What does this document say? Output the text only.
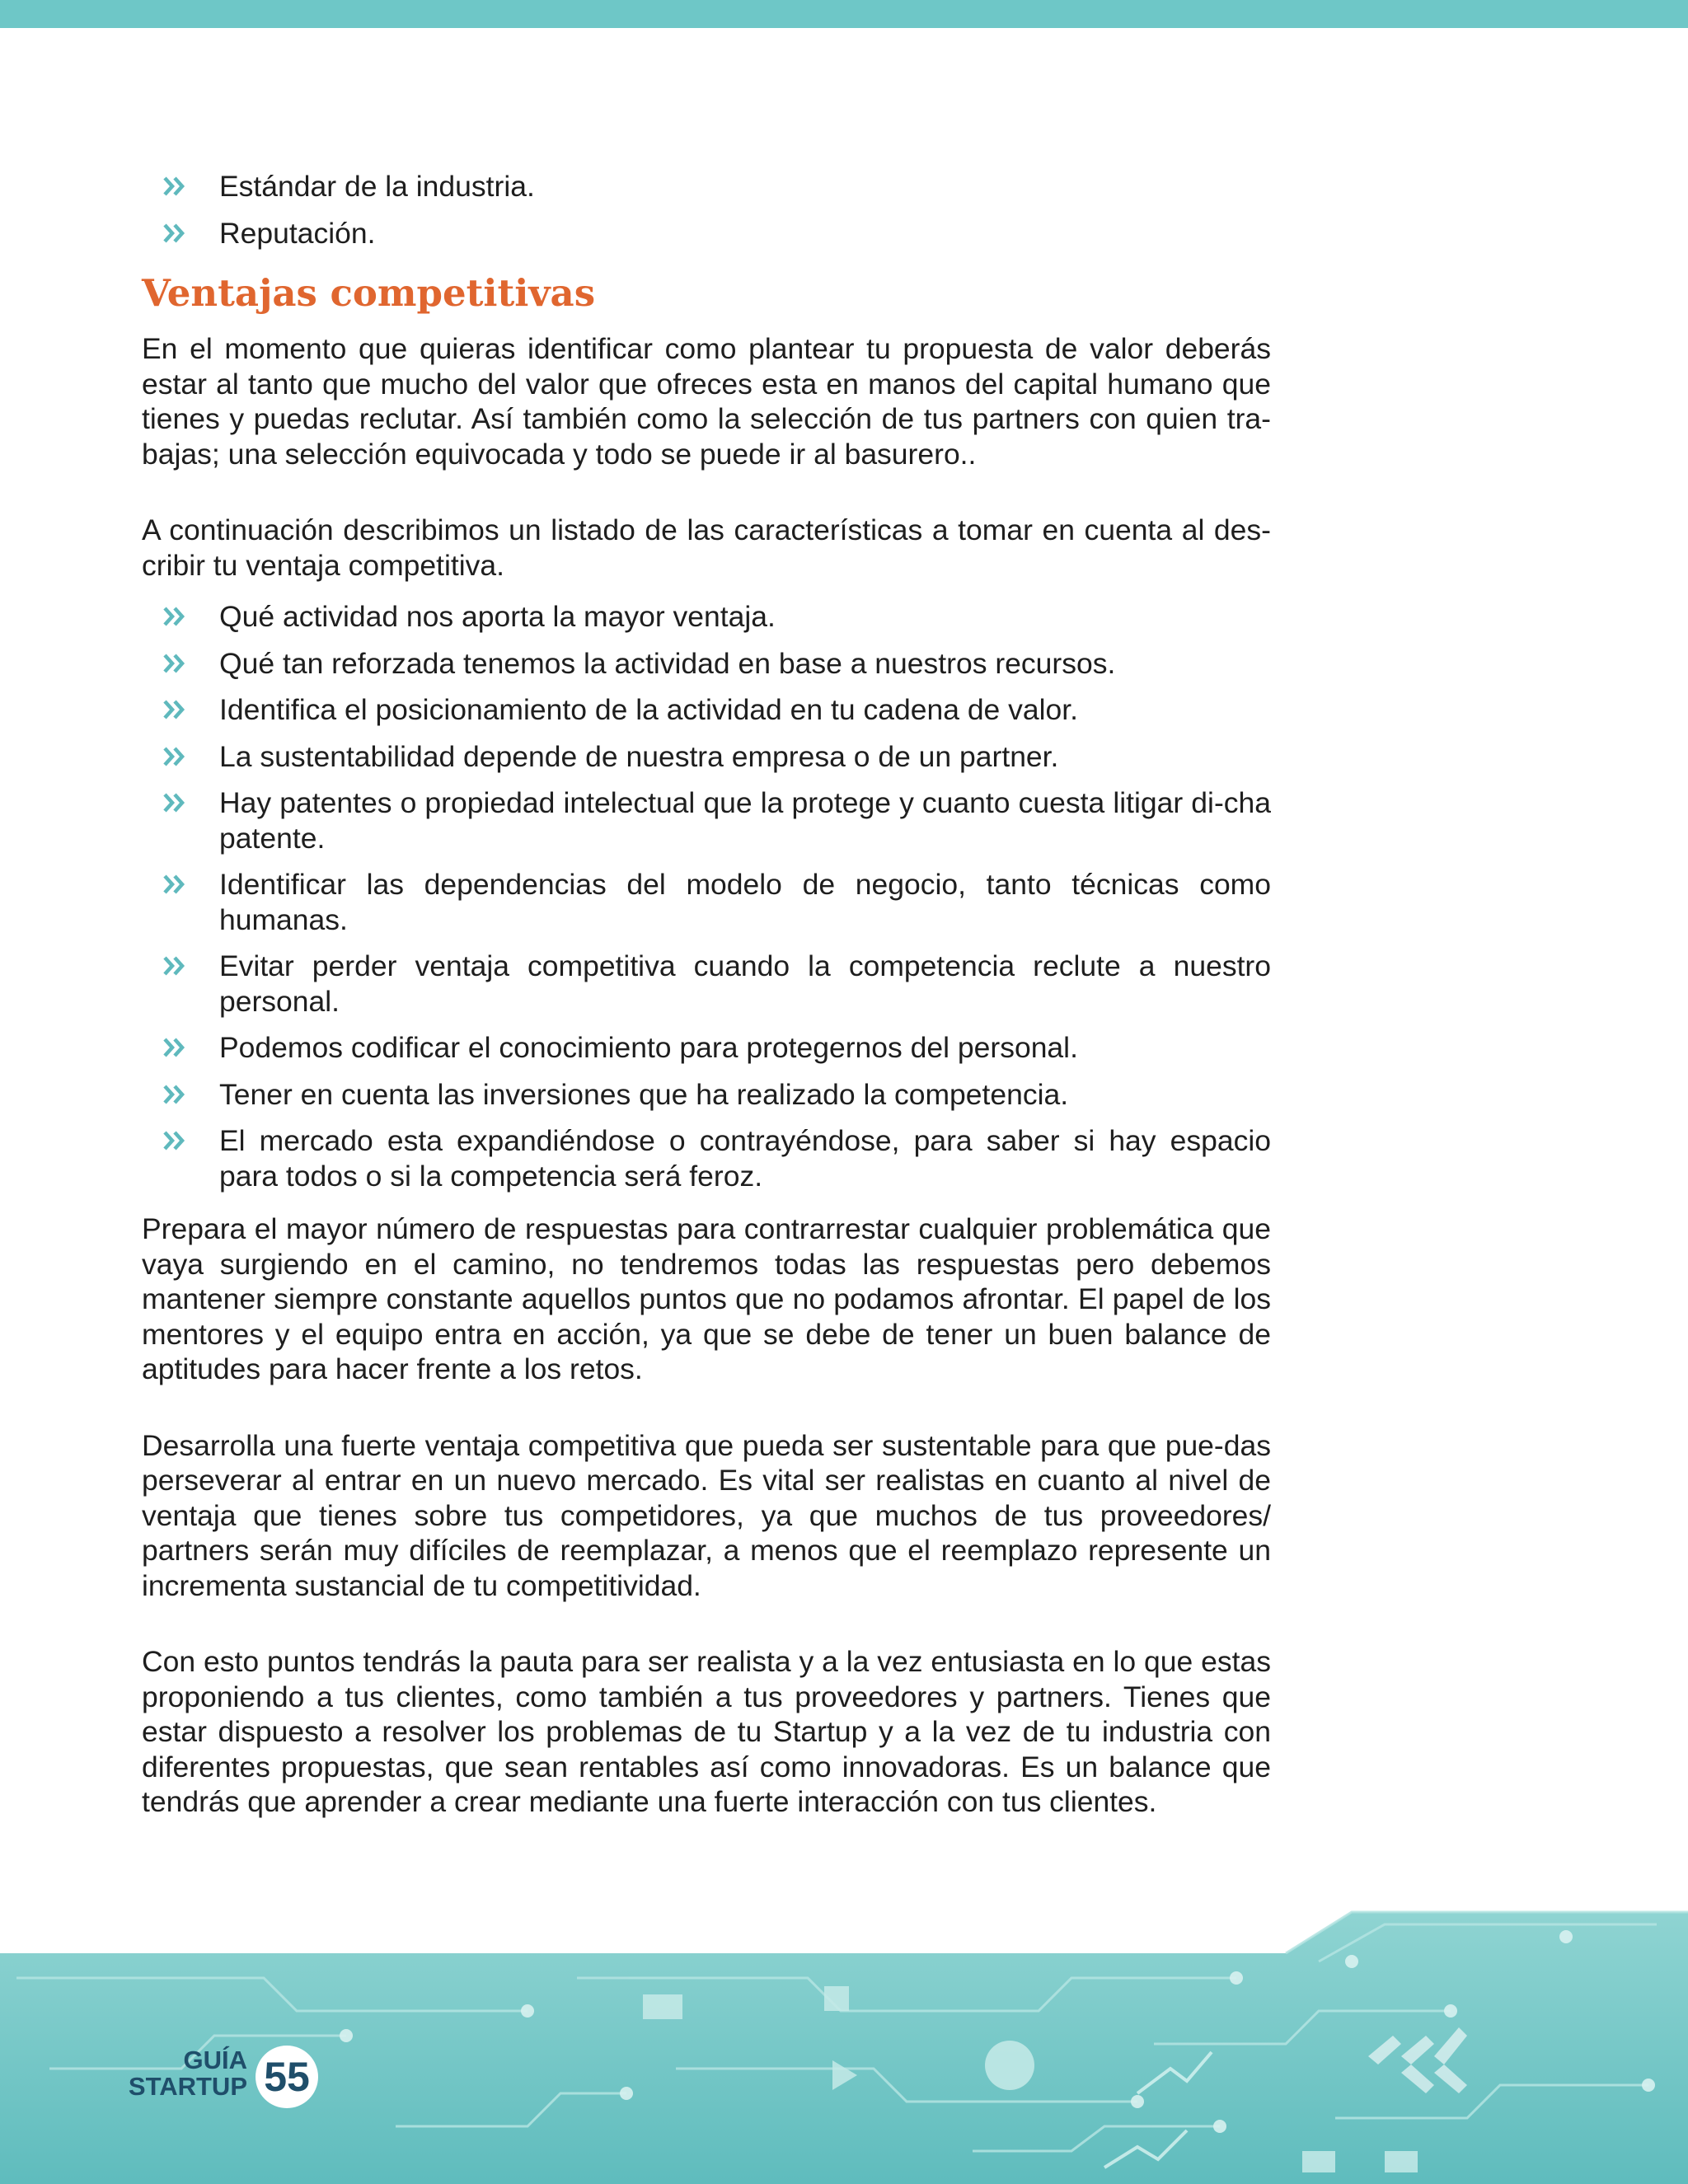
Estándar de la industria.
Reputación.
Ventajas competitivas

En el momento que quieras identificar como plantear tu propuesta de valor deberás estar al tanto que mucho del valor que ofreces esta en manos del capital humano que tienes y puedas reclutar. Así también como la selección de tus partners con quien tra-bajas; una selección equivocada y todo se puede ir al basurero..

A continuación describimos un listado de las características a tomar en cuenta al des-cribir tu ventaja competitiva.

Qué actividad nos aporta la mayor ventaja.
Qué tan reforzada tenemos la actividad en base a nuestros recursos.
Identifica el posicionamiento de la actividad en tu cadena de valor.
La sustentabilidad depende de nuestra empresa o de un partner.
Hay patentes o propiedad intelectual que la protege y cuanto cuesta litigar di-cha patente.
Identificar las dependencias del modelo de negocio, tanto técnicas como humanas.
Evitar perder ventaja competitiva cuando la competencia reclute a nuestro personal.
Podemos codificar el conocimiento para protegernos del personal.
Tener en cuenta las inversiones que ha realizado la competencia.
El mercado esta expandiéndose o contrayéndose, para saber si hay espacio para todos o si la competencia será feroz.

Prepara el mayor número de respuestas para contrarrestar cualquier problemática que vaya surgiendo en el camino, no tendremos todas las respuestas pero debemos mantener siempre constante aquellos puntos que no podamos afrontar. El papel de los mentores y el equipo entra en acción, ya que se debe de tener un buen balance de aptitudes para hacer frente a los retos.

Desarrolla una fuerte ventaja competitiva que pueda ser sustentable para que pue-das perseverar al entrar en un nuevo mercado. Es vital ser realistas en cuanto al nivel de ventaja que tienes sobre tus competidores, ya que muchos de tus proveedores/ partners serán muy difíciles de reemplazar, a menos que el reemplazo represente un incrementa sustancial de tu competitividad.

Con esto puntos tendrás la pauta para ser realista y a la vez entusiasta en lo que estas proponiendo a tus clientes, como también a tus proveedores y partners. Tienes que estar dispuesto a resolver los problemas de tu Startup y a la vez de tu industria con diferentes propuestas, que sean rentables así como innovadoras. Es un balance que tendrás que aprender a crear mediante una fuerte interacción con tus clientes.

GUÍA
STARTUP 55
